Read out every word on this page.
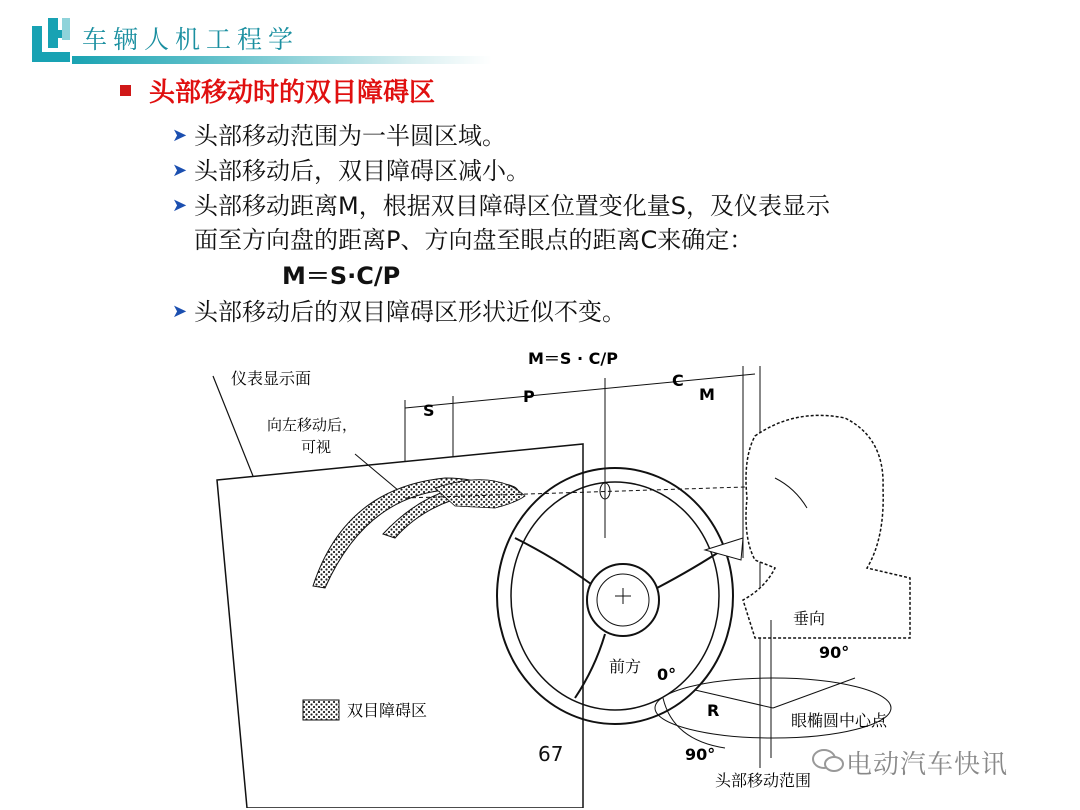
车辆人机工程学
头部移动时的双目障碍区
➤ 头部移动范围为一半圆区域。
➤ 头部移动后，双目障碍区减小。
➤ 头部移动距离M，根据双目障碍区位置变化量S，及仪表显示
面至方向盘的距离P、方向盘至眼点的距离C来确定：
M＝S·C/P
➤ 头部移动后的双目障碍区形状近似不变。
M＝S · C/P
S
P
C
M
仪表显示面
向左移动后，
可视
垂向
90°
前方 0°
R
眼椭圆中心点
90°
头部移动范围
双目障碍区
67	电动汽车快讯
